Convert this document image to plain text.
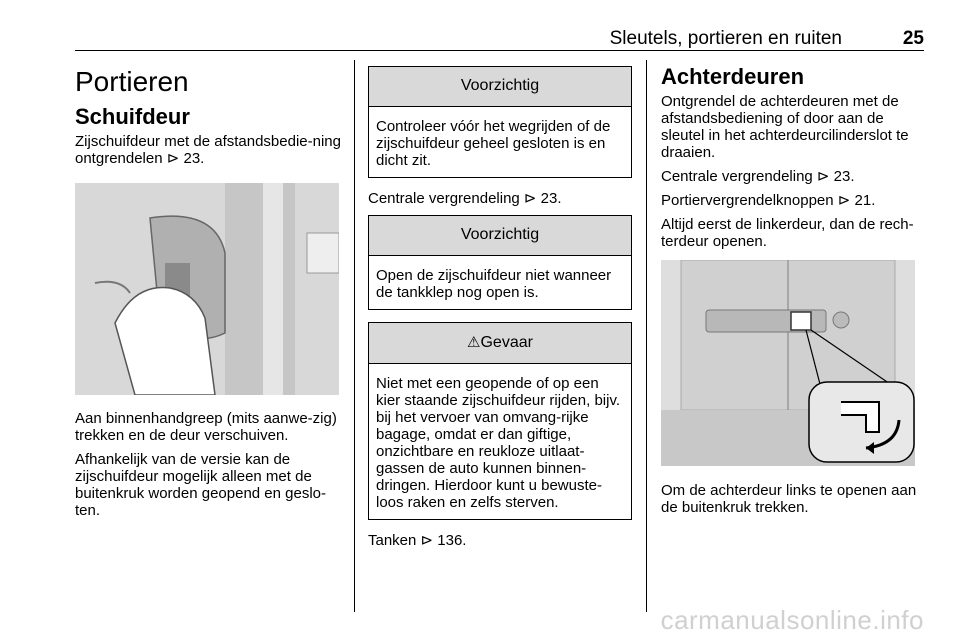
Sleutels, portieren en ruiten	25
Portieren
Schuifdeur

Zijschuifdeur met de afstandsbedie-ning ontgrendelen ⊳ 23.

Aan binnenhandgreep (mits aanwe-zig) trekken en de deur verschuiven.

Afhankelijk van de versie kan de zijschuifdeur mogelijk alleen met de buitenkruk worden geopend en geslo-ten.

Voorzichtig
Controleer vóór het wegrijden of de zijschuifdeur geheel gesloten is en dicht zit.

Centrale vergrendeling ⊳ 23.

Voorzichtig
Open de zijschuifdeur niet wanneer de tankklep nog open is.
⚠Gevaar
Niet met een geopende of op een kier staande zijschuifdeur rijden, bijv. bij het vervoer van omvang-rijke bagage, omdat er dan giftige, onzichtbare en reukloze uitlaat-gassen de auto kunnen binnen-dringen. Hierdoor kunt u bewuste-loos raken en zelfs sterven.

Tanken ⊳ 136.

Achterdeuren

Ontgrendel de achterdeuren met de afstandsbediening of door aan de sleutel in het achterdeurcilinderslot te draaien.

Centrale vergrendeling ⊳ 23.

Portiervergrendelknoppen ⊳ 21.

Altijd eerst de linkerdeur, dan de rech-terdeur openen.

Om de achterdeur links te openen aan de buitenkruk trekken.

carmanualsonline.info
